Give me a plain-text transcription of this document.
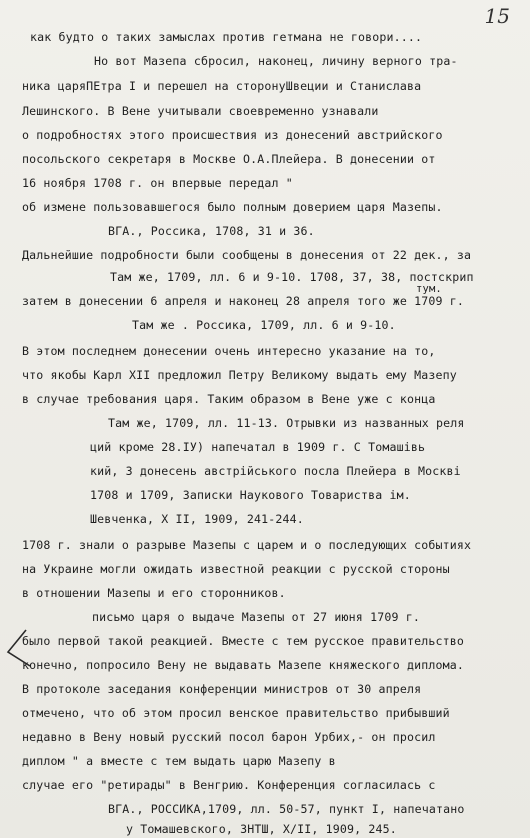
15
как будто о таких замыслах против гетмана не говори....
Но вот Мазепа сбросил, наконец, личину верного тра-
ника царяПЕтра I и перешел на сторонуШвеции и Станислава
Лешинского. В Вене учитывали своевременно узнавали
о подробностях этого происшествия из донесений австрийского
посольского секретаря в Москве О.А.Плейера. В донесении от
16 ноября 1708 г. он впервые передал "
об измене пользовавшегося было полным доверием царя Мазепы.
ВГА., Россика, 1708, 31 и 36.
Дальнейшие подробности были сообщены в донесения от 22 дек., за
Там же, 1709, лл. 6 и 9-10. 1708, 37, 38, постскрип
тум.
затем в донесении 6 апреля и наконец 28 апреля того же 1709 г.
Там же . Россика, 1709, лл. 6 и 9-10.
В этом последнем донесении очень интересно указание на то,
что якобы Карл XII предложил Петру Великому выдать ему Мазепу
в случае требования царя. Таким образом в Вене уже с конца
Там же, 1709, лл. 11-13. Отрывки из названных реля
ций кроме 28.IУ) напечатал в 1909 г. С Томашiвь
кий, З донесень австрiйського посла Плейера в Москвi
1708 и 1709, Записки Наукового Товариства iм.
Шевченка, Х II, 1909, 241-244.
1708 г. знали о разрыве Мазепы с царем и о последующих событиях
на Украине могли ожидать известной реакции с русской стороны
в отношении Мазепы и его сторонников.
письмо царя о выдаче Мазепы от 27 июня 1709 г.
было первой такой реакцией. Вместе с тем русское правительство
конечно, попросило Вену не выдавать Мазепе княжеского диплома.
В протоколе заседания конференции министров от 30 апреля
отмечено, что об этом просил венское правительство прибывший
недавно в Вену новый русский посол барон Урбих,- он просил
диплом " а вместе с тем выдать царю Мазепу в
случае его "ретирады" в Венгрию. Конференция согласилась с
ВГА., РОССИКА,1709, лл. 50-57, пункт I, напечатано
у Томашевского, ЗНТШ, Х/II, 1909, 245.
